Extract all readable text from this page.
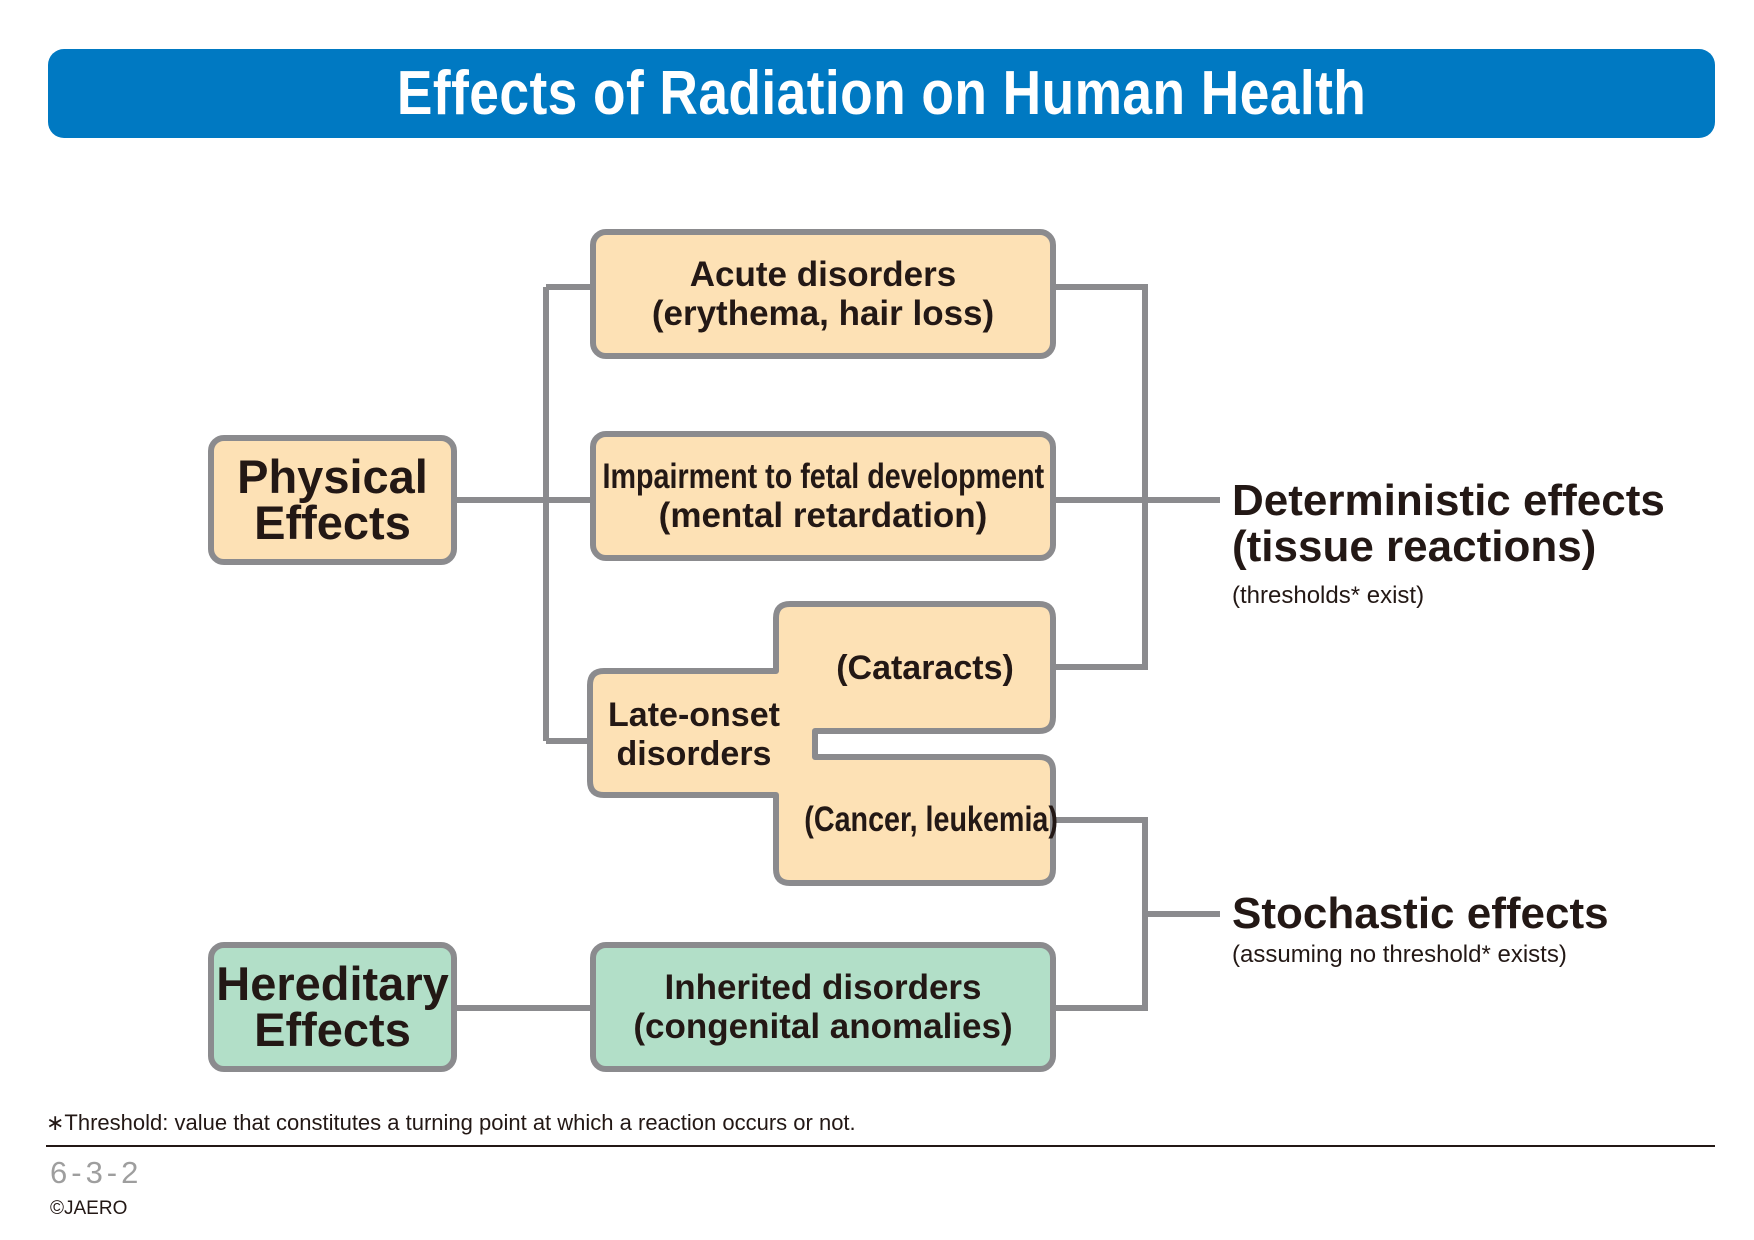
Effects of Radiation on Human Health
Physical
Effects
Hereditary
Effects
Acute disorders
(erythema, hair loss)
Impairment to fetal development
(mental retardation)
Inherited disorders
(congenital anomalies)
Late-onset
disorders
(Cataracts)
(Cancer, leukemia)
Deterministic effects
(tissue reactions)
(thresholds* exist)
Stochastic effects
(assuming no threshold* exists)
∗Threshold: value that constitutes a turning point at which a reaction occurs or not.
6-3-2
©JAERO
